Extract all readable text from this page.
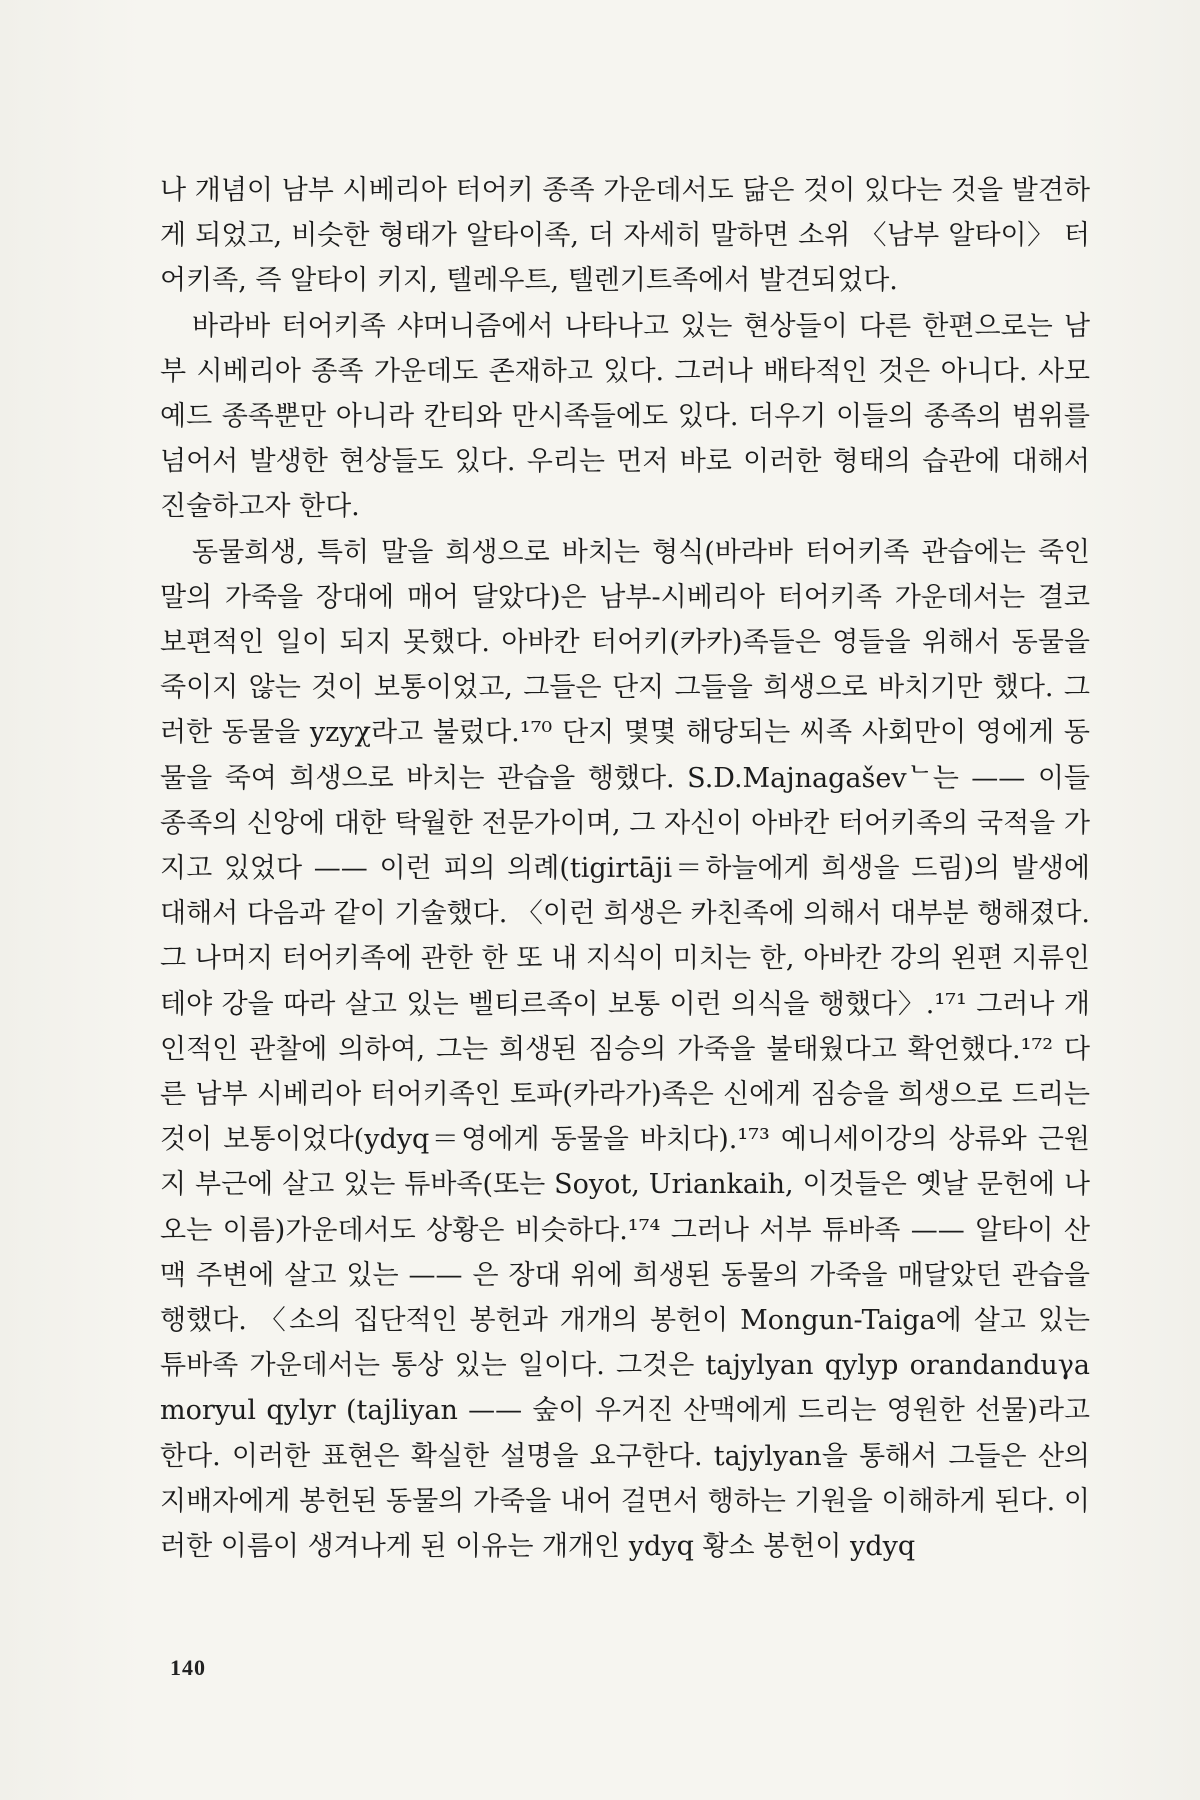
나 개념이 남부 시베리아 터어키 종족 가운데서도 닮은 것이 있다는 것을 발견하게 되었고, 비슷한 형태가 알타이족, 더 자세히 말하면 소위 〈남부 알타이〉 터어키족, 즉 알타이 키지, 텔레우트, 텔렌기트족에서 발견되었다.

바라바 터어키족 샤머니즘에서 나타나고 있는 현상들이 다른 한편으로는 남부 시베리아 종족 가운데도 존재하고 있다. 그러나 배타적인 것은 아니다. 사모예드 종족뿐만 아니라 칸티와 만시족들에도 있다. 더우기 이들의 종족의 범위를 넘어서 발생한 현상들도 있다. 우리는 먼저 바로 이러한 형태의 습관에 대해서 진술하고자 한다.

동물희생, 특히 말을 희생으로 바치는 형식(바라바 터어키족 관습에는 죽인 말의 가죽을 장대에 매어 달았다)은 남부-시베리아 터어키족 가운데서는 결코 보편적인 일이 되지 못했다. 아바칸 터어키(카카)족들은 영들을 위해서 동물을 죽이지 않는 것이 보통이었고, 그들은 단지 그들을 희생으로 바치기만 했다. 그러한 동물을 yzyχ라고 불렀다.¹⁷⁰ 단지 몇몇 해당되는 씨족 사회만이 영에게 동물을 죽여 희생으로 바치는 관습을 행했다. S.D.Majnagaševᄂ는 —— 이들 종족의 신앙에 대한 탁월한 전문가이며, 그 자신이 아바칸 터어키족의 국적을 가지고 있었다 —— 이런 피의 의례(tigirtāji＝하늘에게 희생을 드림)의 발생에 대해서 다음과 같이 기술했다. 〈이런 희생은 카친족에 의해서 대부분 행해졌다. 그 나머지 터어키족에 관한 한 또 내 지식이 미치는 한, 아바칸 강의 왼편 지류인 테야 강을 따라 살고 있는 벨티르족이 보통 이런 의식을 행했다〉.¹⁷¹ 그러나 개인적인 관찰에 의하여, 그는 희생된 짐승의 가죽을 불태웠다고 확언했다.¹⁷² 다른 남부 시베리아 터어키족인 토파(카라가)족은 신에게 짐승을 희생으로 드리는 것이 보통이었다(ydyq＝영에게 동물을 바치다).¹⁷³ 예니세이강의 상류와 근원지 부근에 살고 있는 튜바족(또는 Soyot, Uriankaih, 이것들은 옛날 문헌에 나오는 이름)가운데서도 상황은 비슷하다.¹⁷⁴ 그러나 서부 튜바족 —— 알타이 산맥 주변에 살고 있는 —— 은 장대 위에 희생된 동물의 가죽을 매달았던 관습을 행했다. 〈소의 집단적인 봉헌과 개개의 봉헌이 Mongun-Taiga에 살고 있는 튜바족 가운데서는 통상 있는 일이다. 그것은 tajylyan qylyp orandanduγa moryul qylyr (tajliyan —— 숲이 우거진 산맥에게 드리는 영원한 선물)라고 한다. 이러한 표현은 확실한 설명을 요구한다. tajylyan을 통해서 그들은 산의 지배자에게 봉헌된 동물의 가죽을 내어 걸면서 행하는 기원을 이해하게 된다. 이러한 이름이 생겨나게 된 이유는 개개인 ydyq 황소 봉헌이 ydyq

140
